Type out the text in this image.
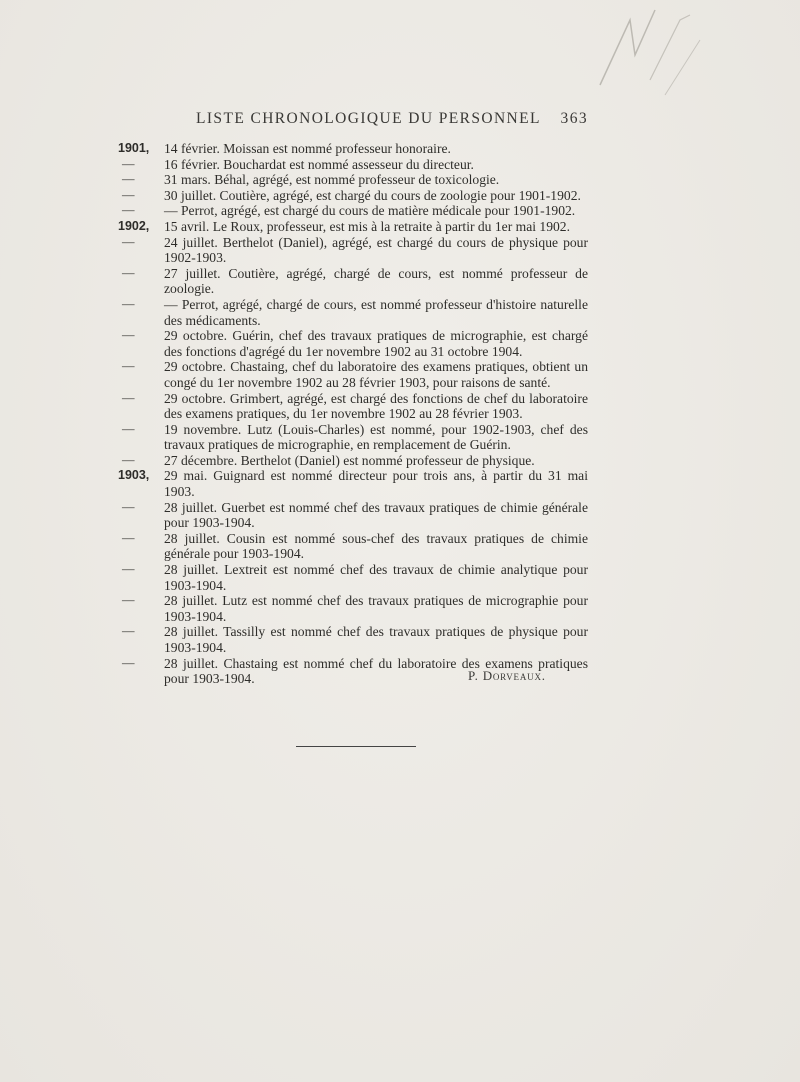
LISTE CHRONOLOGIQUE DU PERSONNEL 363
1901,	14 février. Moissan est nommé professeur honoraire.
—	16 février. Bouchardat est nommé assesseur du directeur.
—	31 mars. Béhal, agrégé, est nommé professeur de toxicologie.
—	30 juillet. Coutière, agrégé, est chargé du cours de zoologie pour 1901-1902.
—	— Perrot, agrégé, est chargé du cours de matière médicale pour 1901-1902.
1902,	15 avril. Le Roux, professeur, est mis à la retraite à partir du 1er mai 1902.
—	24 juillet. Berthelot (Daniel), agrégé, est chargé du cours de physique pour 1902-1903.
—	27 juillet. Coutière, agrégé, chargé de cours, est nommé professeur de zoologie.
—	— Perrot, agrégé, chargé de cours, est nommé professeur d'histoire naturelle des médicaments.
—	29 octobre. Guérin, chef des travaux pratiques de micrographie, est chargé des fonctions d'agrégé du 1er novembre 1902 au 31 octobre 1904.
—	29 octobre. Chastaing, chef du laboratoire des examens pratiques, obtient un congé du 1er novembre 1902 au 28 février 1903, pour raisons de santé.
—	29 octobre. Grimbert, agrégé, est chargé des fonctions de chef du laboratoire des examens pratiques, du 1er novembre 1902 au 28 février 1903.
—	19 novembre. Lutz (Louis-Charles) est nommé, pour 1902-1903, chef des travaux pratiques de micrographie, en remplacement de Guérin.
—	27 décembre. Berthelot (Daniel) est nommé professeur de physique.
1903,	29 mai. Guignard est nommé directeur pour trois ans, à partir du 31 mai 1903.
—	28 juillet. Guerbet est nommé chef des travaux pratiques de chimie générale pour 1903-1904.
—	28 juillet. Cousin est nommé sous-chef des travaux pratiques de chimie générale pour 1903-1904.
—	28 juillet. Lextreit est nommé chef des travaux de chimie analytique pour 1903-1904.
—	28 juillet. Lutz est nommé chef des travaux pratiques de micrographie pour 1903-1904.
—	28 juillet. Tassilly est nommé chef des travaux pratiques de physique pour 1903-1904.
—	28 juillet. Chastaing est nommé chef du laboratoire des examens pratiques pour 1903-1904.	P. Dorveaux.
